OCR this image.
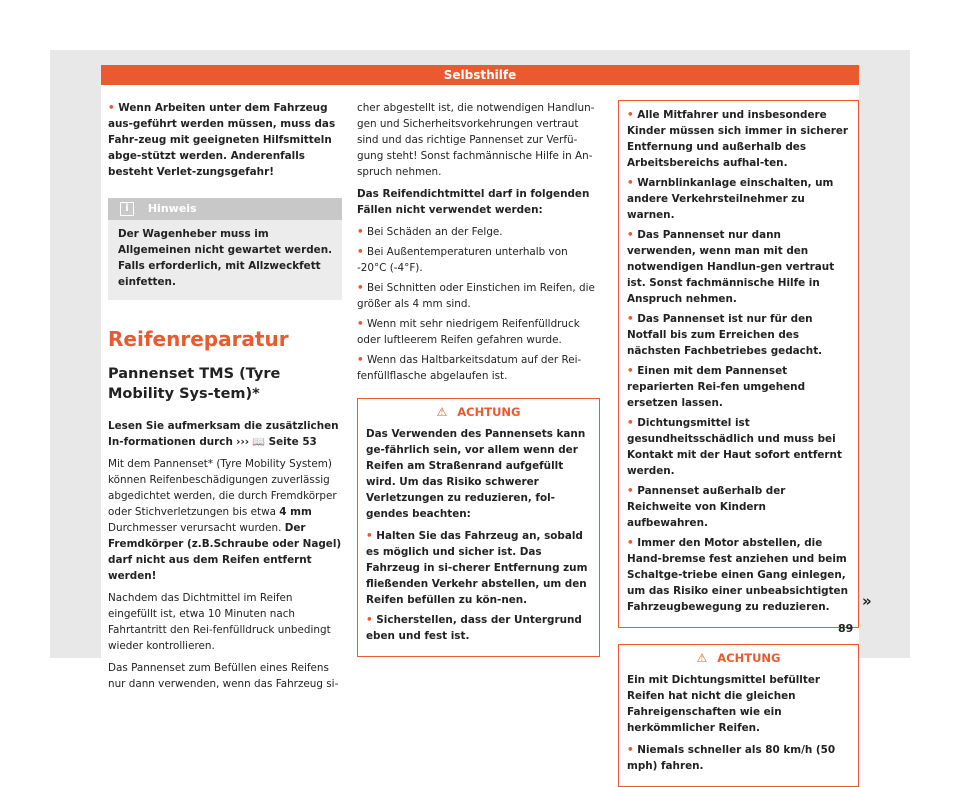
Selbsthilfe
• Wenn Arbeiten unter dem Fahrzeug aus-geführt werden müssen, muss das Fahr-zeug mit geeigneten Hilfsmitteln abge-stützt werden. Anderenfalls besteht Verlet-zungsgefahr!
i Hinweis
Der Wagenheber muss im Allgemeinen nicht gewartet werden. Falls erforderlich, mit Allzweckfett einfetten.
Reifenreparatur
Pannenset TMS (Tyre Mobility Sys-tem)*

Lesen Sie aufmerksam die zusätzlichen In-formationen durch ››› 📖 Seite 53

Mit dem Pannenset* (Tyre Mobility System) können Reifenbeschädigungen zuverlässig abgedichtet werden, die durch Fremdkörper oder Stichverletzungen bis etwa 4 mm Durchmesser verursacht wurden. Der Fremdkörper (z.B.Schraube oder Nagel) darf nicht aus dem Reifen entfernt werden!

Nachdem das Dichtmittel im Reifen eingefüllt ist, etwa 10 Minuten nach Fahrtantritt den Rei-fenfülldruck unbedingt wieder kontrollieren.

Das Pannenset zum Befüllen eines Reifens nur dann verwenden, wenn das Fahrzeug si-

cher abgestellt ist, die notwendigen Handlun-gen und Sicherheitsvorkehrungen vertraut sind und das richtige Pannenset zur Verfü-gung steht! Sonst fachmännische Hilfe in An-spruch nehmen.

Das Reifendichtmittel darf in folgenden Fällen nicht verwendet werden:

• Bei Schäden an der Felge.
• Bei Außentemperaturen unterhalb von -20°C (-4°F).
• Bei Schnitten oder Einstichen im Reifen, die größer als 4 mm sind.
• Wenn mit sehr niedrigem Reifenfülldruck oder luftleerem Reifen gefahren wurde.
• Wenn das Haltbarkeitsdatum auf der Rei-fenfüllflasche abgelaufen ist.
⚠ ACHTUNG

Das Verwenden des Pannensets kann ge-fährlich sein, vor allem wenn der Reifen am Straßenrand aufgefüllt wird. Um das Risiko schwerer Verletzungen zu reduzieren, fol-gendes beachten:

• Halten Sie das Fahrzeug an, sobald es möglich und sicher ist. Das Fahrzeug in si-cherer Entfernung zum fließenden Verkehr abstellen, um den Reifen befüllen zu kön-nen.
• Sicherstellen, dass der Untergrund eben und fest ist.
• Alle Mitfahrer und insbesondere Kinder müssen sich immer in sicherer Entfernung und außerhalb des Arbeitsbereichs aufhal-ten.
• Warnblinkanlage einschalten, um andere Verkehrsteilnehmer zu warnen.
• Das Pannenset nur dann verwenden, wenn man mit den notwendigen Handlun-gen vertraut ist. Sonst fachmännische Hilfe in Anspruch nehmen.
• Das Pannenset ist nur für den Notfall bis zum Erreichen des nächsten Fachbetriebes gedacht.
• Einen mit dem Pannenset reparierten Rei-fen umgehend ersetzen lassen.
• Dichtungsmittel ist gesundheitsschädlich und muss bei Kontakt mit der Haut sofort entfernt werden.
• Pannenset außerhalb der Reichweite von Kindern aufbewahren.
• Immer den Motor abstellen, die Hand-bremse fest anziehen und beim Schaltge-triebe einen Gang einlegen, um das Risiko einer unbeabsichtigten Fahrzeugbewegung zu reduzieren.
⚠ ACHTUNG

Ein mit Dichtungsmittel befüllter Reifen hat nicht die gleichen Fahreigenschaften wie ein herkömmlicher Reifen.

• Niemals schneller als 80 km/h (50 mph) fahren.
»
89
